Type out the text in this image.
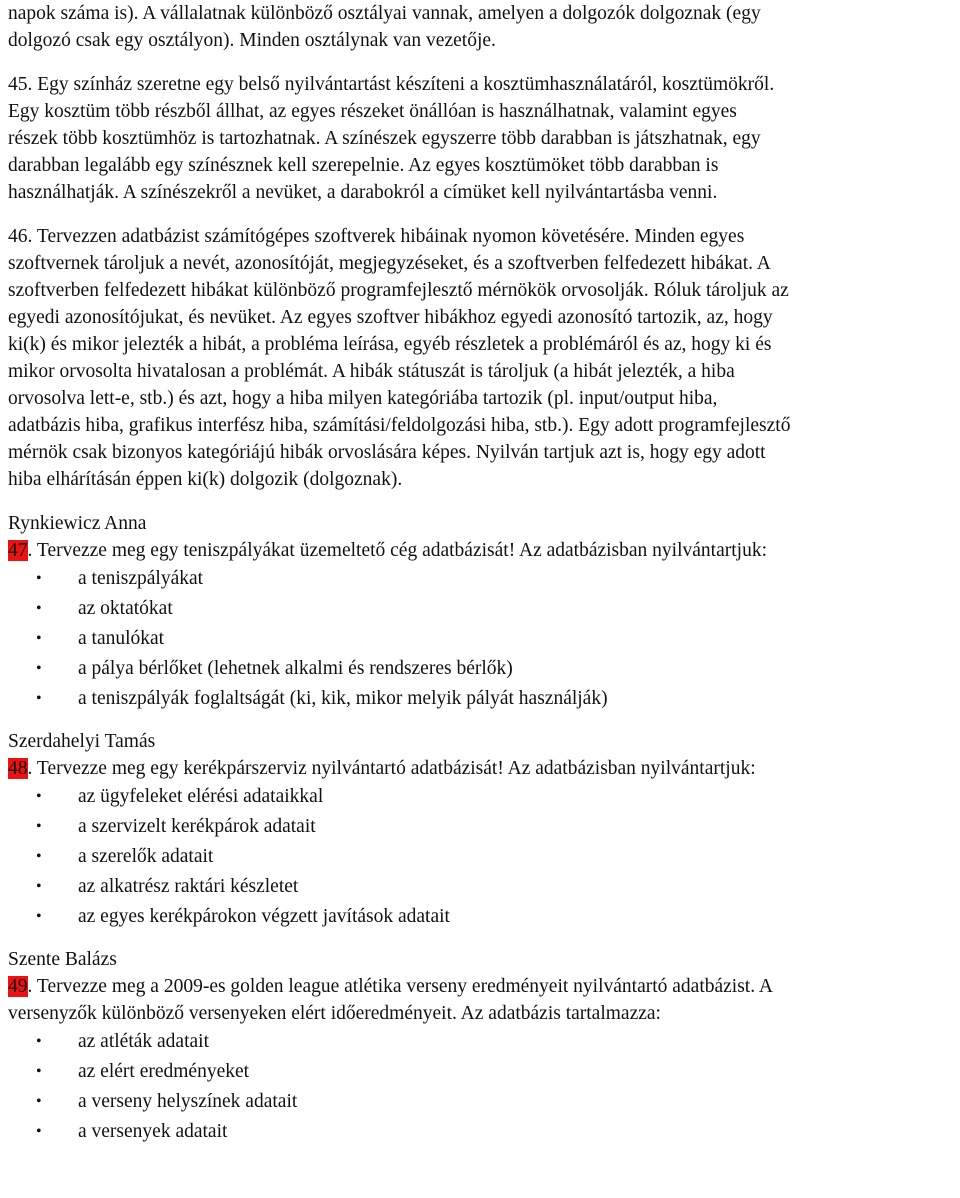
napok száma is). A vállalatnak különböző osztályai vannak, amelyen a dolgozók dolgoznak (egy
dolgozó csak egy osztályon). Minden osztálynak van vezetője.
45. Egy színház szeretne egy belső nyilvántartást készíteni a kosztümhasználatáról, kosztümökről.
Egy kosztüm több részből állhat, az egyes részeket önállóan is használhatnak, valamint egyes
részek több kosztümhöz is tartozhatnak. A színészek egyszerre több darabban is játszhatnak, egy
darabban legalább egy színésznek kell szerepelnie. Az egyes kosztümöket több darabban is
használhatják. A színészekről a nevüket, a darabokról a címüket kell nyilvántartásba venni.
46. Tervezzen adatbázist számítógépes szoftverek hibáinak nyomon követésére. Minden egyes
szoftvernek tároljuk a nevét, azonosítóját, megjegyzéseket, és a szoftverben felfedezett hibákat. A
szoftverben felfedezett hibákat különböző programfejlesztő mérnökök orvosolják. Róluk tároljuk az
egyedi azonosítójukat, és nevüket. Az egyes szoftver hibákhoz egyedi azonosító tartozik, az, hogy
ki(k) és mikor jelezték a hibát, a probléma leírása, egyéb részletek a problémáról és az, hogy ki és
mikor orvosolta hivatalosan a problémát. A hibák státuszát is tároljuk (a hibát jelezték, a hiba
orvosolva lett-e, stb.) és azt, hogy a hiba milyen kategóriába tartozik (pl. input/output hiba,
adatbázis hiba, grafikus interfész hiba, számítási/feldolgozási hiba, stb.). Egy adott programfejlesztő
mérnök csak bizonyos kategóriájú hibák orvoslására képes. Nyilván tartjuk azt is, hogy egy adott
hiba elhárításán éppen ki(k) dolgozik (dolgoznak).
Rynkiewicz Anna
47. Tervezze meg egy teniszpályákat üzemeltető cég adatbázisát! Az adatbázisban nyilvántartjuk:
• a teniszpályákat
• az oktatókat
• a tanulókat
• a pálya bérlőket (lehetnek alkalmi és rendszeres bérlők)
• a teniszpályák foglaltságát (ki, kik, mikor melyik pályát használják)
Szerdahelyi Tamás
48. Tervezze meg egy kerékpárszerviz nyilvántartó adatbázisát! Az adatbázisban nyilvántartjuk:
• az ügyfeleket elérési adataikkal
• a szervizelt kerékpárok adatait
• a szerelők adatait
• az alkatrész raktári készletet
• az egyes kerékpárokon végzett javítások adatait
Szente Balázs
49. Tervezze meg a 2009-es golden league atlétika verseny eredményeit nyilvántartó adatbázist. A
versenyzők különböző versenyeken elért időeredményeit. Az adatbázis tartalmazza:
• az atléták adatait
• az elért eredményeket
• a verseny helyszínek adatait
• a versenyek adatait
